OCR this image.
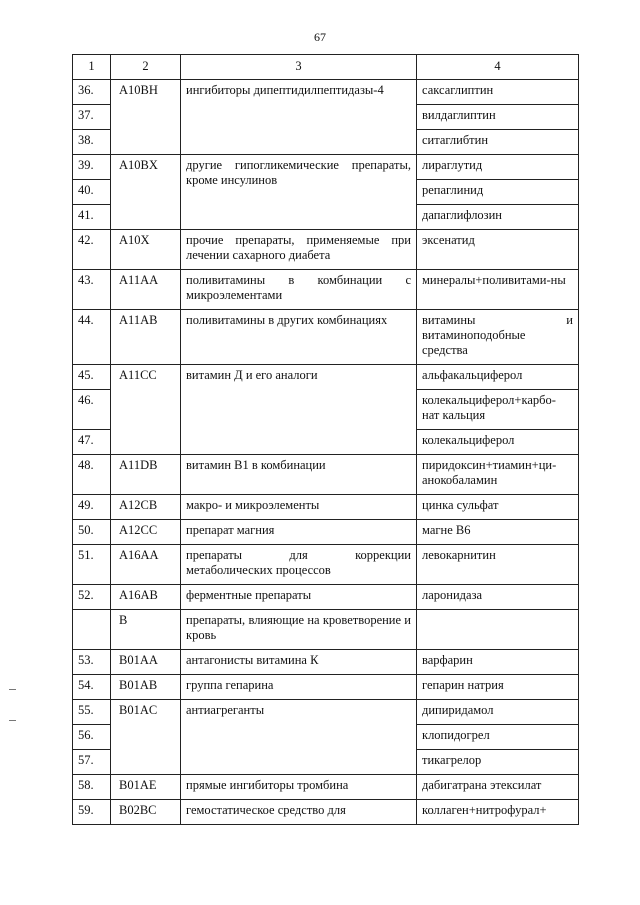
67
1	2	3	4
36.	A10BH	ингибиторы дипептидилпептидазы-4	саксаглиптин
37.			вилдаглиптин
38.			ситаглибтин
39.	A10BX	другие гипогликемические препараты, кроме инсулинов	лираглутид
40.			репаглинид
41.			дапаглифлозин
42.	A10X	прочие препараты, применяемые при лечении сахарного диабета	эксенатид
43.	A11AA	поливитамины в комбинации с микроэлементами	минералы+поливитами-ны
44.	A11AB	поливитамины в других комбинациях	витамины и витаминоподобные средства
45.	A11CC	витамин Д и его аналоги	альфакальциферол
46.			колекальциферол+карбо-нат кальция
47.			колекальциферол
48.	A11DB	витамин B1 в комбинации	пиридоксин+тиамин+ци-анокобаламин
49.	A12CB	макро- и микроэлементы	цинка сульфат
50.	A12CC	препарат магния	магне B6
51.	A16AA	препараты для коррекции метаболических процессов	левокарнитин
52.	A16AB	ферментные препараты	ларонидаза
	B	препараты, влияющие на кроветворение и кровь	
53.	B01AA	антагонисты витамина К	варфарин
54.	B01AB	группа гепарина	гепарин натрия
55.	B01AC	антиагреганты	дипиридамол
56.			клопидогрел
57.			тикагрелор
58.	B01AE	прямые ингибиторы тромбина	дабигатрана этексилат
59.	B02BC	гемостатическое средство для	коллаген+нитрофурал+
